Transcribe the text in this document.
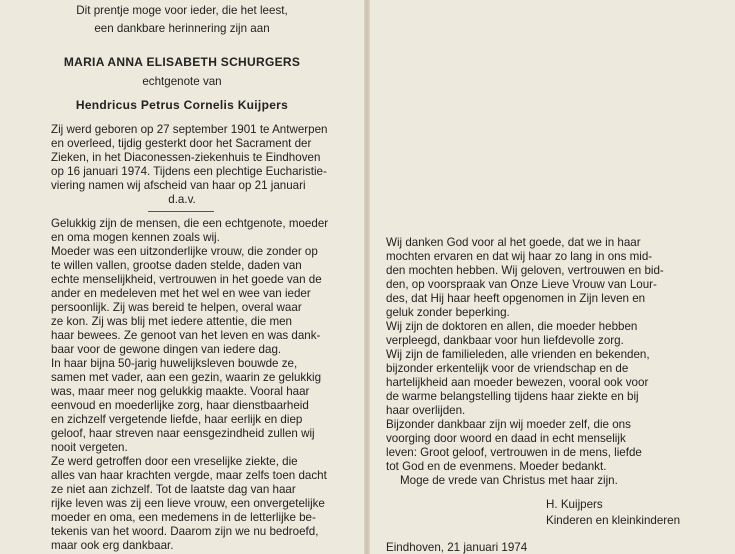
Dit prentje moge voor ieder, die het leest,
een dankbare herinnering zijn aan
MARIA ANNA ELISABETH SCHURGERS
echtgenote van
Hendricus Petrus Cornelis Kuijpers
Zij werd geboren op 27 september 1901 te Antwerpen
en overleed, tijdig gesterkt door het Sacrament der
Zieken, in het Diaconessen-ziekenhuis te Eindhoven
op 16 januari 1974. Tijdens een plechtige Eucharistie-
viering namen wij afscheid van haar op 21 januari
d.a.v.
Gelukkig zijn de mensen, die een echtgenote, moeder
en oma mogen kennen zoals wij.
Moeder was een uitzonderlijke vrouw, die zonder op
te willen vallen, grootse daden stelde, daden van
echte menselijkheid, vertrouwen in het goede van de
ander en medeleven met het wel en wee van ieder
persoonlijk. Zij was bereid te helpen, overal waar
ze kon. Zij was blij met iedere attentie, die men
haar bewees. Ze genoot van het leven en was dank-
baar voor de gewone dingen van iedere dag.
In haar bijna 50-jarig huwelijksleven bouwde ze,
samen met vader, aan een gezin, waarin ze gelukkig
was, maar meer nog gelukkig maakte. Vooral haar
eenvoud en moederlijke zorg, haar dienstbaarheid
en zichzelf vergetende liefde, haar eerlijk en diep
geloof, haar streven naar eensgezindheid zullen wij
nooit vergeten.
Ze werd getroffen door een vreselijke ziekte, die
alles van haar krachten vergde, maar zelfs toen dacht
ze niet aan zichzelf. Tot de laatste dag van haar
rijke leven was zij een lieve vrouw, een onvergetelijke
moeder en oma, een medemens in de letterlijke be-
tekenis van het woord. Daarom zijn we nu bedroefd,
maar ook erg dankbaar.
Wij danken God voor al het goede, dat we in haar
mochten ervaren en dat wij haar zo lang in ons mid-
den mochten hebben. Wij geloven, vertrouwen en bid-
den, op voorspraak van Onze Lieve Vrouw van Lour-
des, dat Hij haar heeft opgenomen in Zijn leven en
geluk zonder beperking.
Wij zijn de doktoren en allen, die moeder hebben
verpleegd, dankbaar voor hun liefdevolle zorg.
Wij zijn de familieleden, alle vrienden en bekenden,
bijzonder erkentelijk voor de vriendschap en de
hartelijkheid aan moeder bewezen, vooral ook voor
de warme belangstelling tijdens haar ziekte en bij
haar overlijden.
Bijzonder dankbaar zijn wij moeder zelf, die ons
voorging door woord en daad in echt menselijk
leven: Groot geloof, vertrouwen in de mens, liefde
tot God en de evenmens. Moeder bedankt.
Moge de vrede van Christus met haar zijn.
H. Kuijpers
Kinderen en kleinkinderen
Eindhoven, 21 januari 1974
